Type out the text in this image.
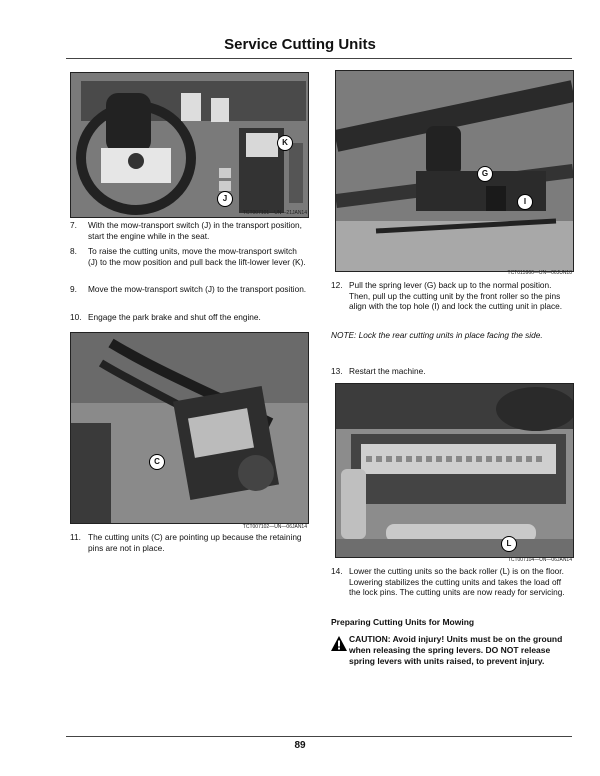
Service Cutting Units
K
J
TCT007101—UN—21JAN14
7.	With the mow-transport switch (J) in the transport position, start the engine while in the seat.
8.	To raise the cutting units, move the mow-transport switch (J) to the mow position and pull back the lift-lower lever (K).
9.	Move the mow-transport switch (J) to the transport position.
10. Engage the park brake and shut off the engine.
C
TCT007102—UN—06JAN14
11. The cutting units (C) are pointing up because the retaining pins are not in place.
G
I
TCT015966—UN—06JUN18
12. Pull the spring lever (G) back up to the normal position. Then, pull up the cutting unit by the front roller so the pins align with the top hole (I) and lock the cutting unit in place.
NOTE: Lock the rear cutting units in place facing the side.
13. Restart the machine.
L
TCT007104—UN—06JAN14
14. Lower the cutting units so the back roller (L) is on the floor. Lowering stabilizes the cutting units and takes the load off the lock pins. The cutting units are now ready for servicing.
Preparing Cutting Units for Mowing
CAUTION: Avoid injury! Units must be on the ground when releasing the spring levers. DO NOT release spring levers with units raised, to prevent injury.
89
